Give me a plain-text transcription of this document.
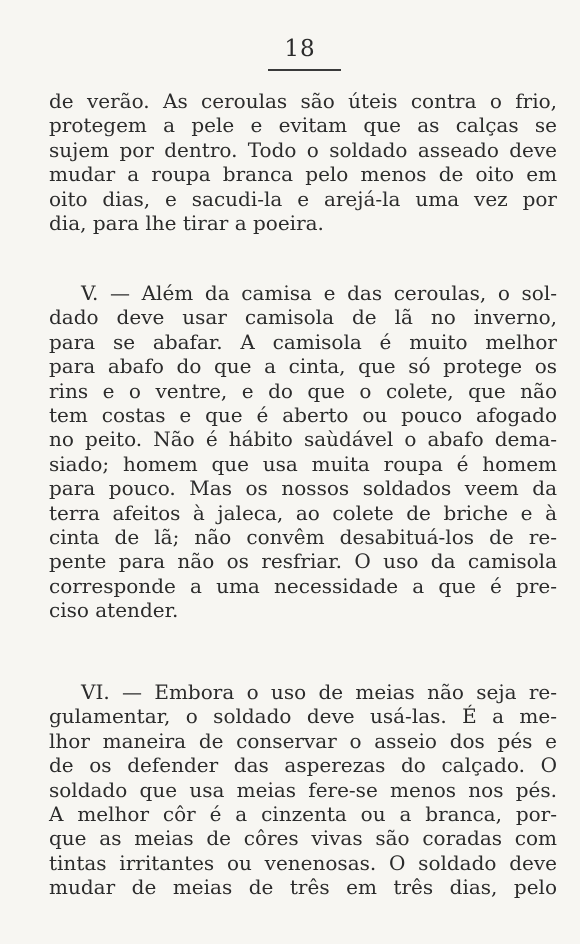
18
de verão. As ceroulas são úteis contra o frio,
protegem a pele e evitam que as calças se
sujem por dentro. Todo o soldado asseado deve
mudar a roupa branca pelo menos de oito em
oito dias, e sacudi-la e arejá-la uma vez por
dia, para lhe tirar a poeira.
V. — Além da camisa e das ceroulas, o sol-
dado deve usar camisola de lã no inverno,
para se abafar. A camisola é muito melhor
para abafo do que a cinta, que só protege os
rins e o ventre, e do que o colete, que não
tem costas e que é aberto ou pouco afogado
no peito. Não é hábito saùdável o abafo dema-
siado; homem que usa muita roupa é homem
para pouco. Mas os nossos soldados veem da
terra afeitos à jaleca, ao colete de briche e à
cinta de lã; não convêm desabituá-los de re-
pente para não os resfriar. O uso da camisola
corresponde a uma necessidade a que é pre-
ciso atender.
VI. — Embora o uso de meias não seja re-
gulamentar, o soldado deve usá-las. É a me-
lhor maneira de conservar o asseio dos pés e
de os defender das asperezas do calçado. O
soldado que usa meias fere-se menos nos pés.
A melhor côr é a cinzenta ou a branca, por-
que as meias de côres vivas são coradas com
tintas irritantes ou venenosas. O soldado deve
mudar de meias de três em três dias, pelo
